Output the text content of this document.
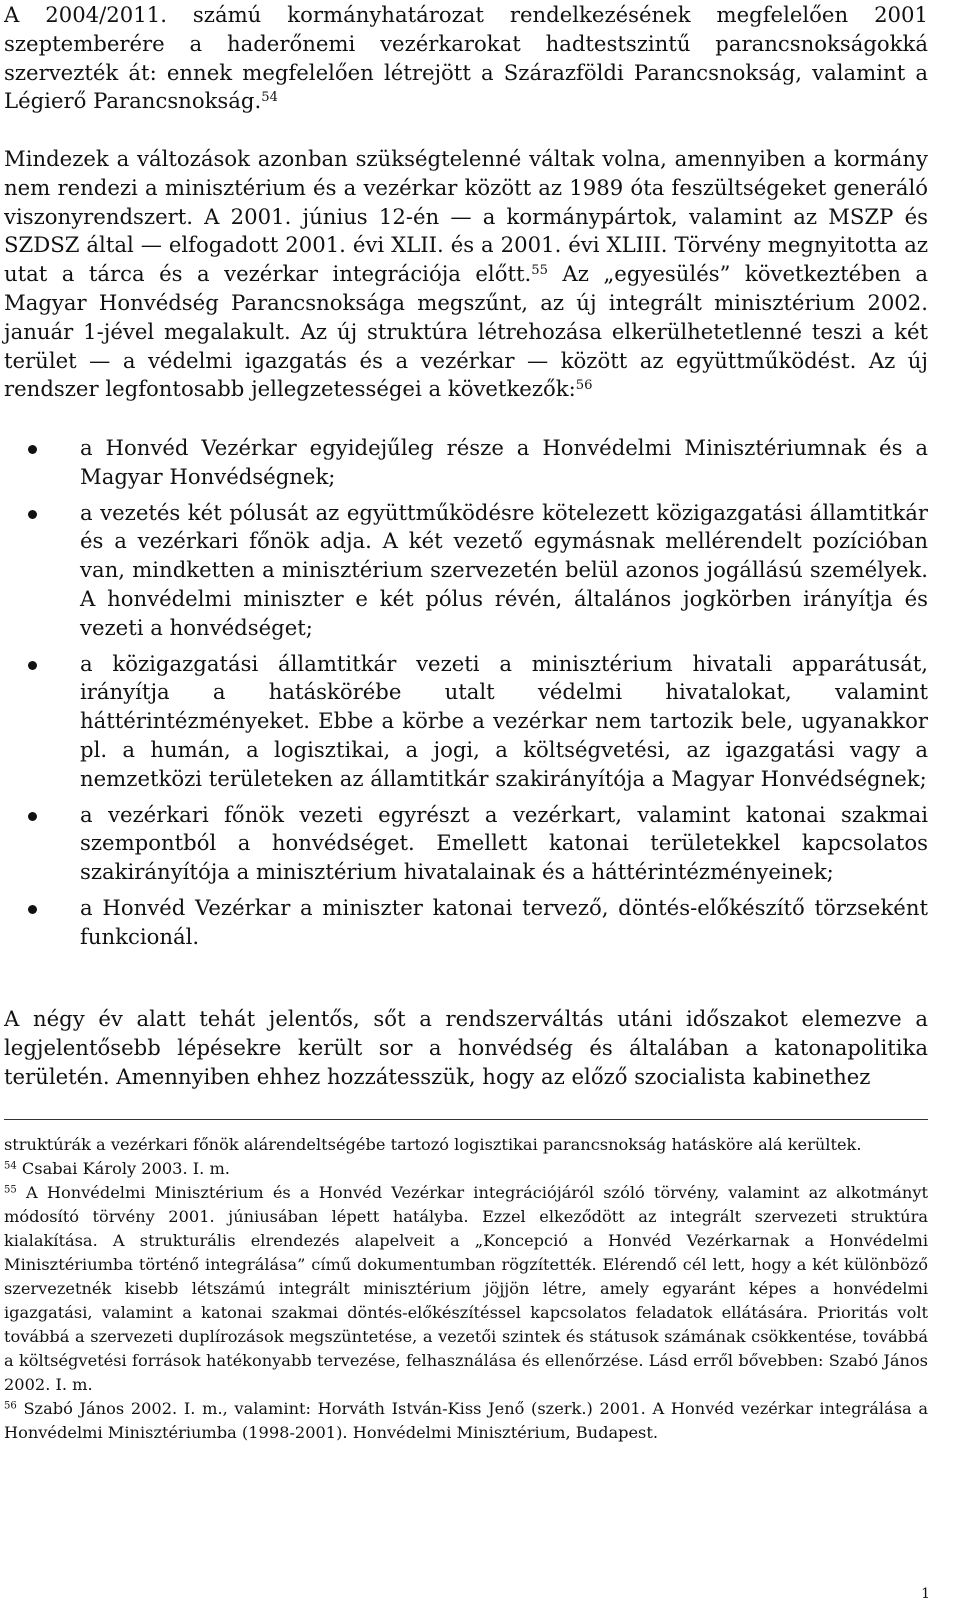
A 2004/2011. számú kormányhatározat rendelkezésének megfelelően 2001 szeptemberére a haderőnemi vezérkarokat hadtestszintű parancsnokságokká szervezték át: ennek megfelelően létrejött a Szárazföldi Parancsnokság, valamint a Légierő Parancsnokság.$^{54}$

Mindezek a változások azonban szükségtelenné váltak volna, amennyiben a kormány nem rendezi a minisztérium és a vezérkar között az 1989 óta feszültségeket generáló viszonyrendszert. A 2001. június 12-én — a kormánypártok, valamint az MSZP és SZDSZ által — elfogadott 2001. évi XLII. és a 2001. évi XLIII. Törvény megnyitotta az utat a tárca és a vezérkar integrációja előtt.$^{55}$ Az „egyesülés” következtében a Magyar Honvédség Parancsnoksága megszűnt, az új integrált minisztérium 2002. január 1-jével megalakult. Az új struktúra létrehozása elkerülhetetlenné teszi a két terület — a védelmi igazgatás és a vezérkar — között az együttműködést. Az új rendszer legfontosabb jellegzetességei a következők:$^{56}$

a Honvéd Vezérkar egyidejűleg része a Honvédelmi Minisztériumnak és a Magyar Honvédségnek;
a vezetés két pólusát az együttműködésre kötelezett közigazgatási államtitkár és a vezérkari főnök adja. A két vezető egymásnak mellérendelt pozícióban van, mindketten a minisztérium szervezetén belül azonos jogállású személyek. A honvédelmi miniszter e két pólus révén, általános jogkörben irányítja és vezeti a honvédséget;
a közigazgatási államtitkár vezeti a minisztérium hivatali apparátusát, irányítja a hatáskörébe utalt védelmi hivatalokat, valamint háttérintézményeket. Ebbe a körbe a vezérkar nem tartozik bele, ugyanakkor pl. a humán, a logisztikai, a jogi, a költségvetési, az igazgatási vagy a nemzetközi területeken az államtitkár szakirányítója a Magyar Honvédségnek;
a vezérkari főnök vezeti egyrészt a vezérkart, valamint katonai szakmai szempontból a honvédséget. Emellett katonai területekkel kapcsolatos szakirányítója a minisztérium hivatalainak és a háttérintézményeinek;
a Honvéd Vezérkar a miniszter katonai tervező, döntés-előkészítő törzseként funkcionál.

A négy év alatt tehát jelentős, sőt a rendszerváltás utáni időszakot elemezve a legjelentősebb lépésekre került sor a honvédség és általában a katonapolitika területén. Amennyiben ehhez hozzátesszük, hogy az előző szocialista kabinethez

struktúrák a vezérkari főnök alárendeltségébe tartozó logisztikai parancsnokság hatásköre alá kerültek.

$^{54}$ Csabai Károly 2003. I. m.

$^{55}$ A Honvédelmi Minisztérium és a Honvéd Vezérkar integrációjáról szóló törvény, valamint az alkotmányt módosító törvény 2001. júniusában lépett hatályba. Ezzel elkeződött az integrált szervezeti struktúra kialakítása. A strukturális elrendezés alapelveit a „Koncepció a Honvéd Vezérkarnak a Honvédelmi Minisztériumba történő integrálása” című dokumentumban rögzítették. Elérendő cél lett, hogy a két különböző szervezetnék kisebb létszámú integrált minisztérium jöjjön létre, amely egyaránt képes a honvédelmi igazgatási, valamint a katonai szakmai döntés-előkészítéssel kapcsolatos feladatok ellátására. Prioritás volt továbbá a szervezeti duplírozások megszüntetése, a vezetői szintek és státusok számának csökkentése, továbbá a költségvetési források hatékonyabb tervezése, felhasználása és ellenőrzése. Lásd erről bővebben: Szabó János 2002. I. m.

$^{56}$ Szabó János 2002. I. m., valamint: Horváth István-Kiss Jenő (szerk.) 2001. A Honvéd vezérkar integrálása a Honvédelmi Minisztériumba (1998-2001). Honvédelmi Minisztérium, Budapest.

1
